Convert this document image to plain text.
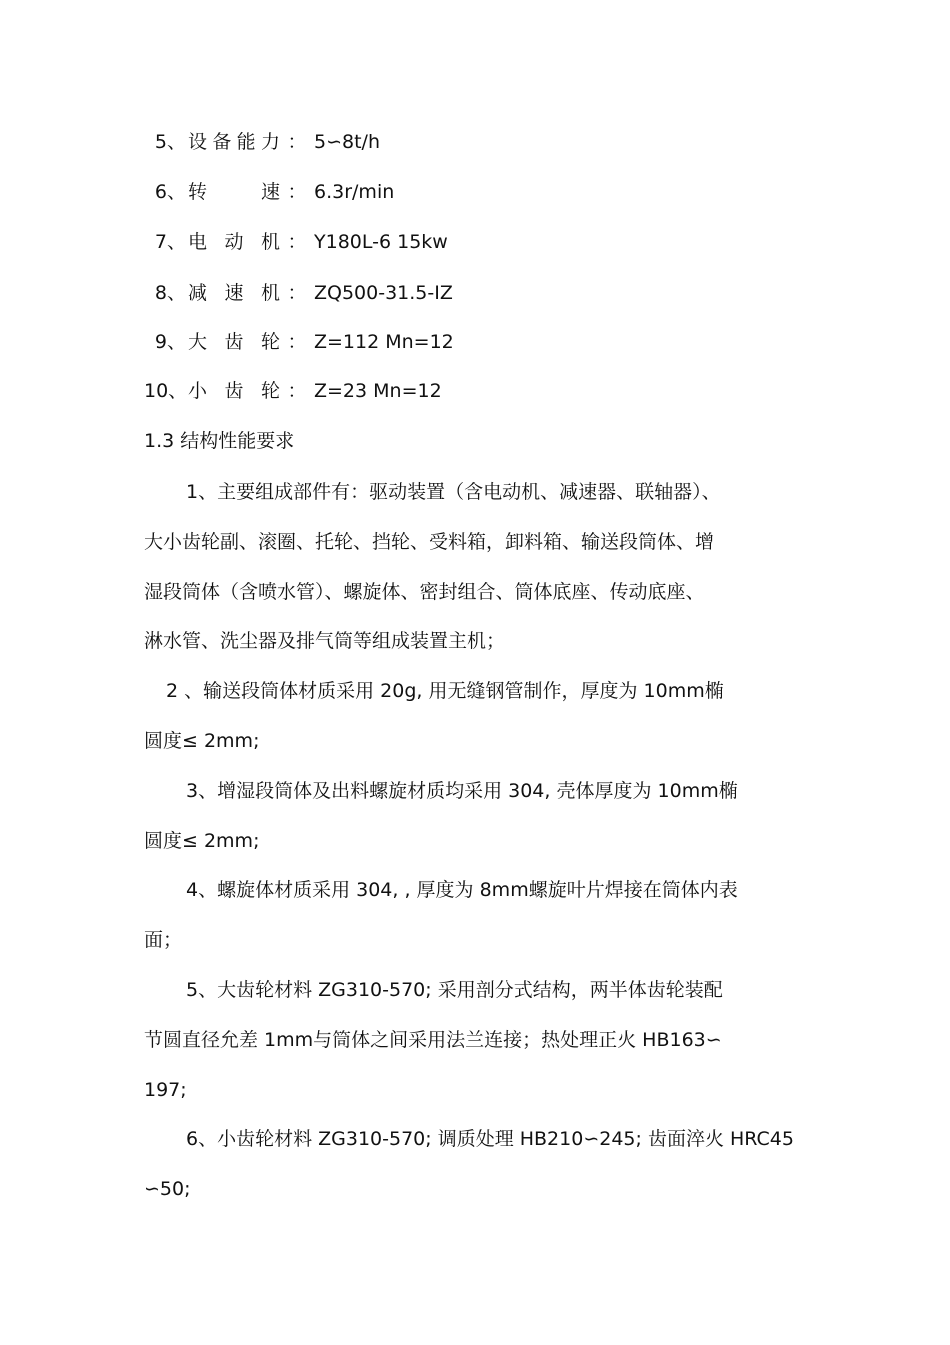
5、 设备能力 ： 5∽8t/h
6、 转 速 ： 6.3r/min
7、 电动机 ： Y180L-6 15kw
8、 减速机 ： ZQ500-31.5-IZ
9、 大齿轮 ： Z=112 Mn=12
10、小齿轮 ： Z=23 Mn=12
1.3 结构性能要求
1、主要组成部件有：驱动装置（含电动机、减速器、联轴器）、
大小齿轮副、滚圈、托轮、挡轮、受料箱，卸料箱、输送段筒体、增
湿段筒体（含喷水管）、螺旋体、密封组合、筒体底座、传动底座、
淋水管、洗尘器及排气筒等组成装置主机；
2 、输送段筒体材质采用 20g, 用无缝钢管制作，厚度为 10mm椭
圆度≤ 2mm;
3、增湿段筒体及出料螺旋材质均采用 304, 壳体厚度为 10mm椭
圆度≤ 2mm;
4、螺旋体材质采用 304, , 厚度为 8mm螺旋叶片焊接在筒体内表
面；
5、大齿轮材料 ZG310-570; 采用剖分式结构，两半体齿轮装配
节圆直径允差 1mm与筒体之间采用法兰连接；热处理正火 HB163∽
197;
6、小齿轮材料 ZG310-570; 调质处理 HB210∽245; 齿面淬火 HRC45
∽50;
